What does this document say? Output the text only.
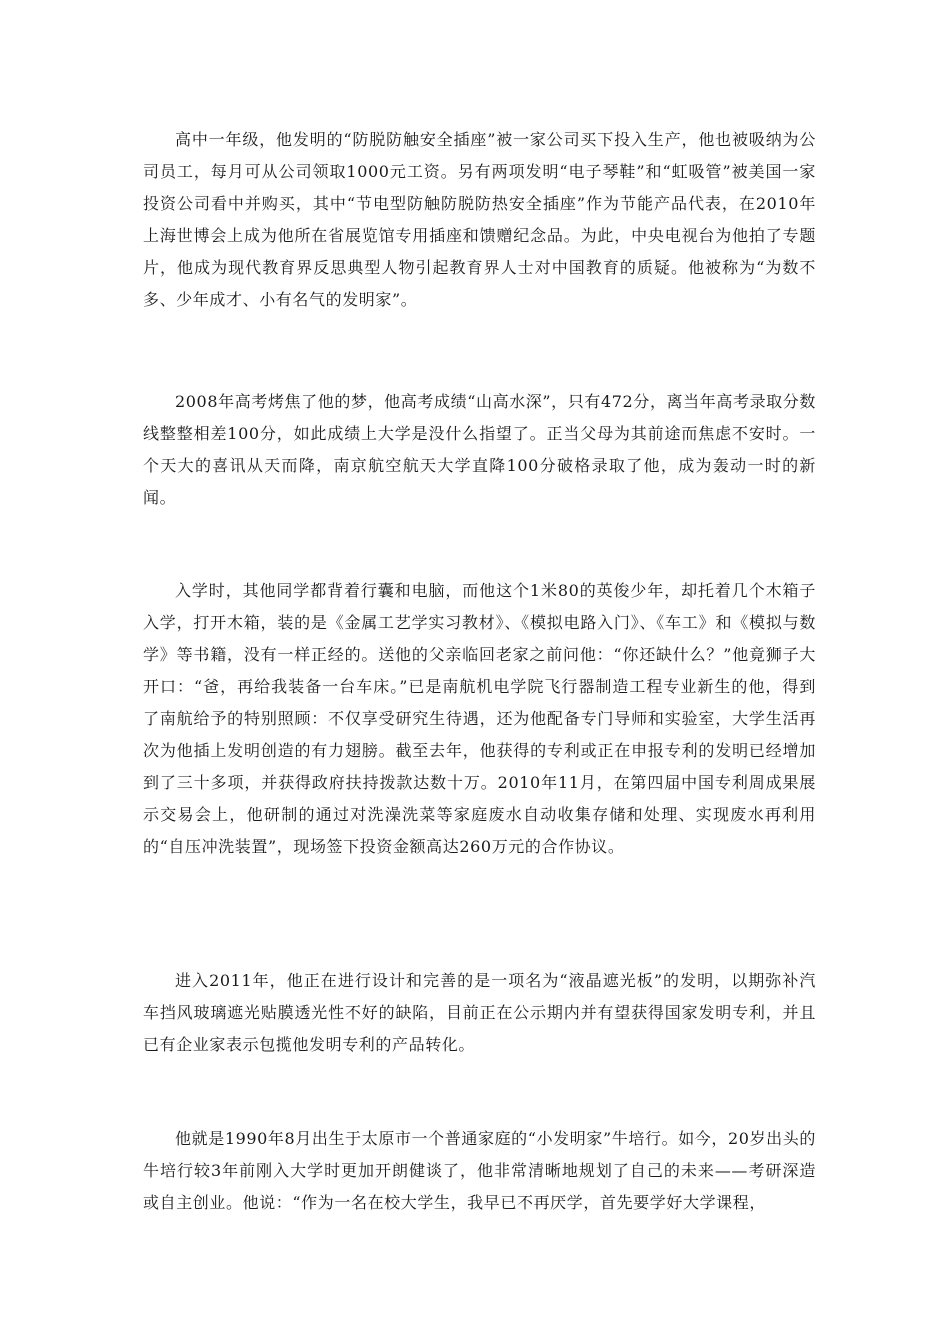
高中一年级，他发明的“防脱防触安全插座”被一家公司买下投入生产，他也被吸纳为公司员工，每月可从公司领取1000元工资。另有两项发明“电子琴鞋”和“虹吸管”被美国一家投资公司看中并购买，其中“节电型防触防脱防热安全插座”作为节能产品代表，在2010年上海世博会上成为他所在省展览馆专用插座和馈赠纪念品。为此，中央电视台为他拍了专题片，他成为现代教育界反思典型人物引起教育界人士对中国教育的质疑。他被称为“为数不多、少年成才、小有名气的发明家”。

2008年高考烤焦了他的梦，他高考成绩“山高水深”，只有472分，离当年高考录取分数线整整相差100分，如此成绩上大学是没什么指望了。正当父母为其前途而焦虑不安时。一个天大的喜讯从天而降，南京航空航天大学直降100分破格录取了他，成为轰动一时的新闻。

入学时，其他同学都背着行囊和电脑，而他这个1米80的英俊少年，却托着几个木箱子入学，打开木箱，装的是《金属工艺学实习教材》、《模拟电路入门》、《车工》和《模拟与数学》等书籍，没有一样正经的。送他的父亲临回老家之前问他：“你还缺什么？”他竟狮子大开口：“爸，再给我装备一台车床。”已是南航机电学院飞行器制造工程专业新生的他，得到了南航给予的特别照顾：不仅享受研究生待遇，还为他配备专门导师和实验室，大学生活再次为他插上发明创造的有力翅膀。截至去年，他获得的专利或正在申报专利的发明已经增加到了三十多项，并获得政府扶持拨款达数十万。2010年11月，在第四届中国专利周成果展示交易会上，他研制的通过对洗澡洗菜等家庭废水自动收集存储和处理、实现废水再利用的“自压冲洗装置”，现场签下投资金额高达260万元的合作协议。

进入2011年，他正在进行设计和完善的是一项名为“液晶遮光板”的发明，以期弥补汽车挡风玻璃遮光贴膜透光性不好的缺陷，目前正在公示期内并有望获得国家发明专利，并且已有企业家表示包揽他发明专利的产品转化。

他就是1990年8月出生于太原市一个普通家庭的“小发明家”牛培行。如今，20岁出头的牛培行较3年前刚入大学时更加开朗健谈了，他非常清晰地规划了自己的未来——考研深造或自主创业。他说：“作为一名在校大学生，我早已不再厌学，首先要学好大学课程，
